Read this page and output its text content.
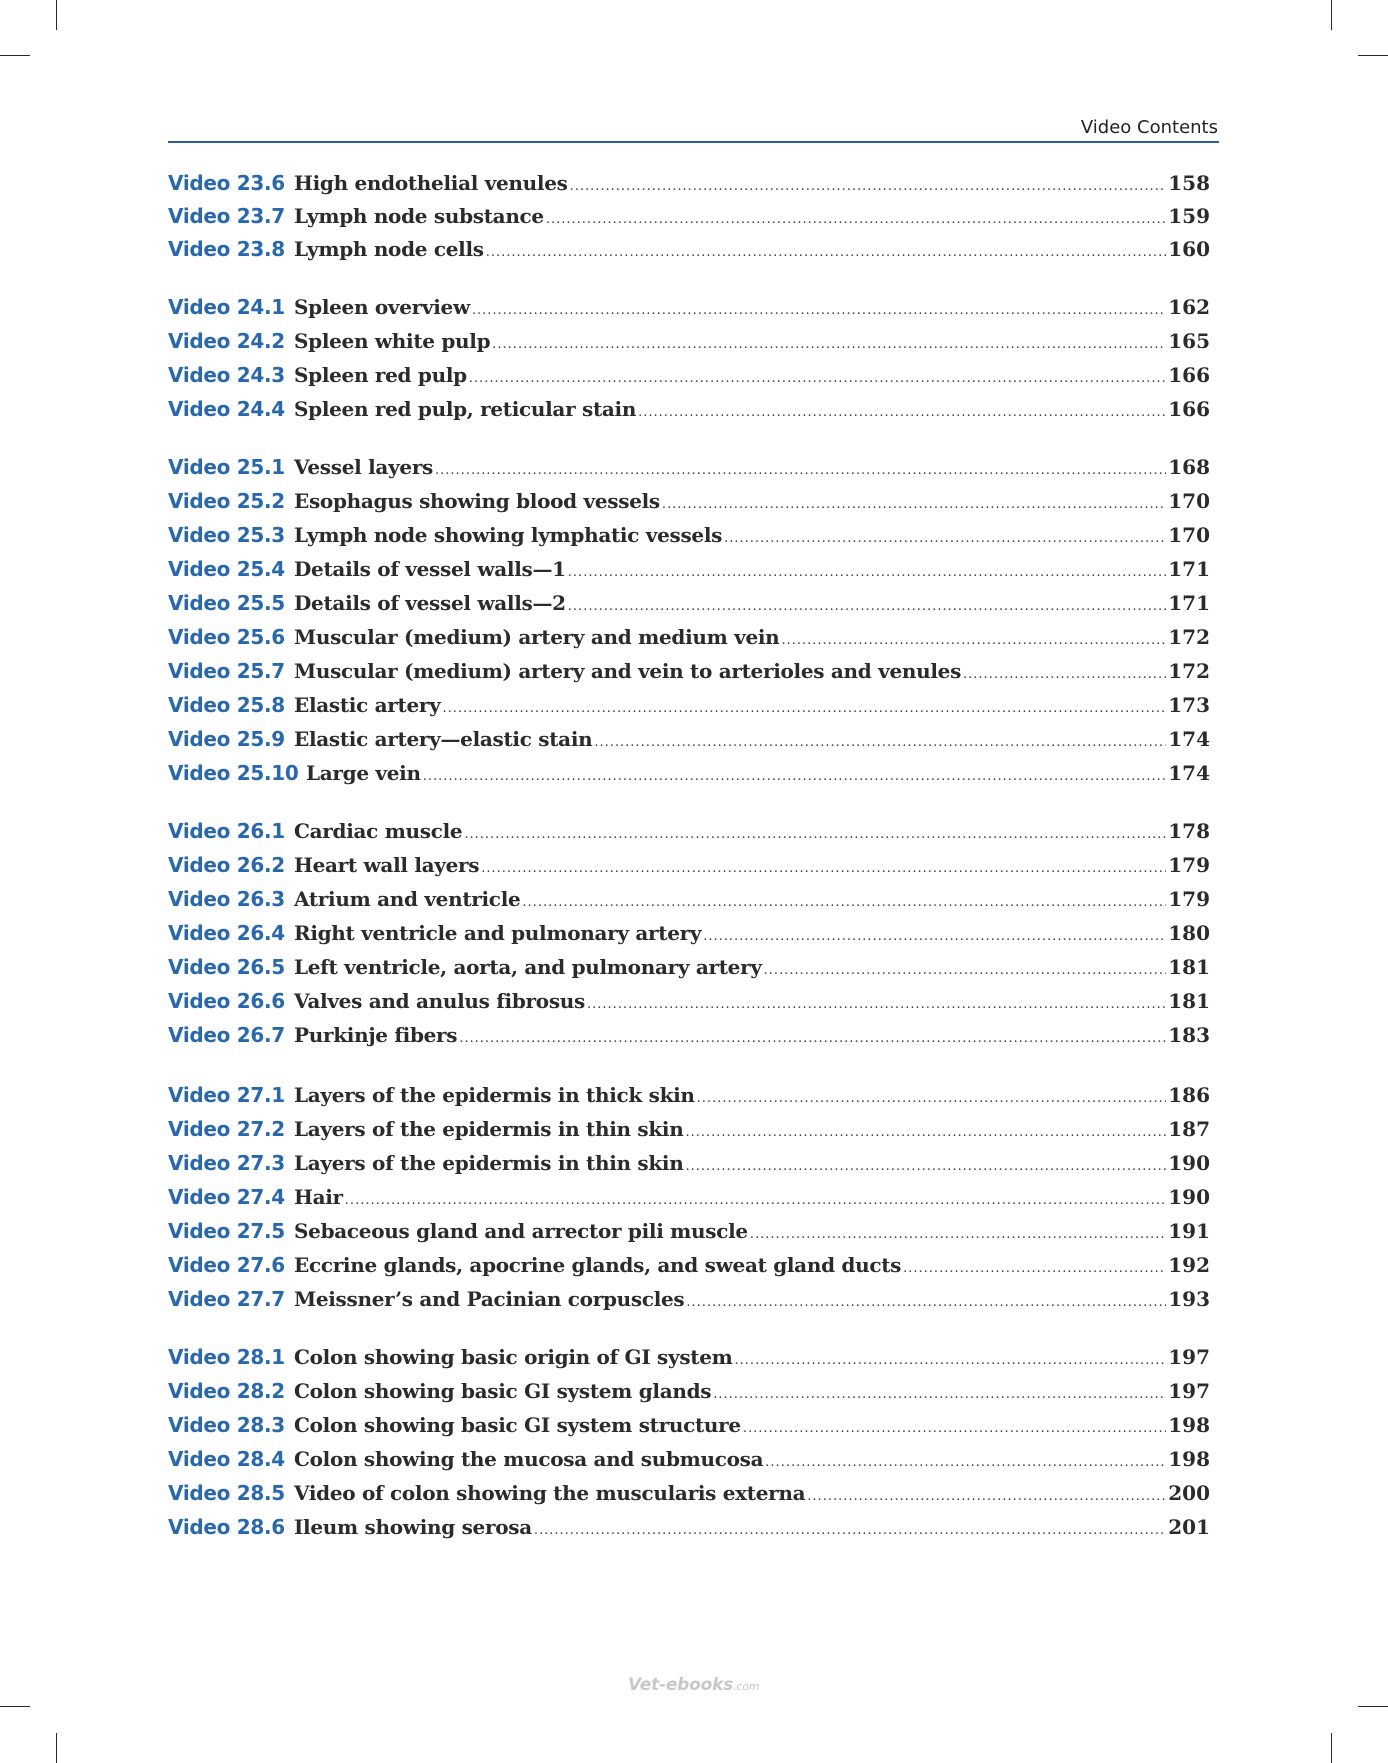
Video Contents
Video 23.6 High endothelial venules .....	158
Video 23.7 Lymph node substance .....	159
Video 23.8 Lymph node cells .....	160
Video 24.1 Spleen overview .....	162
Video 24.2 Spleen white pulp .....	165
Video 24.3 Spleen red pulp .....	166
Video 24.4 Spleen red pulp, reticular stain .....	166
Video 25.1 Vessel layers .....	168
Video 25.2 Esophagus showing blood vessels .....	170
Video 25.3 Lymph node showing lymphatic vessels .....	170
Video 25.4 Details of vessel walls—1 .....	171
Video 25.5 Details of vessel walls—2 .....	171
Video 25.6 Muscular (medium) artery and medium vein .....	172
Video 25.7 Muscular (medium) artery and vein to arterioles and venules .....	172
Video 25.8 Elastic artery .....	173
Video 25.9 Elastic artery—elastic stain .....	174
Video 25.10 Large vein .....	174
Video 26.1 Cardiac muscle .....	178
Video 26.2 Heart wall layers .....	179
Video 26.3 Atrium and ventricle .....	179
Video 26.4 Right ventricle and pulmonary artery .....	180
Video 26.5 Left ventricle, aorta, and pulmonary artery .....	181
Video 26.6 Valves and anulus fibrosus .....	181
Video 26.7 Purkinje fibers .....	183
Video 27.1 Layers of the epidermis in thick skin .....	186
Video 27.2 Layers of the epidermis in thin skin .....	187
Video 27.3 Layers of the epidermis in thin skin .....	190
Video 27.4 Hair .....	190
Video 27.5 Sebaceous gland and arrector pili muscle .....	191
Video 27.6 Eccrine glands, apocrine glands, and sweat gland ducts .....	192
Video 27.7 Meissner’s and Pacinian corpuscles .....	193
Video 28.1 Colon showing basic origin of GI system .....	197
Video 28.2 Colon showing basic GI system glands .....	197
Video 28.3 Colon showing basic GI system structure .....	198
Video 28.4 Colon showing the mucosa and submucosa .....	198
Video 28.5 Video of colon showing the muscularis externa .....	200
Video 28.6 Ileum showing serosa .....	201
Vet-ebooks.com
